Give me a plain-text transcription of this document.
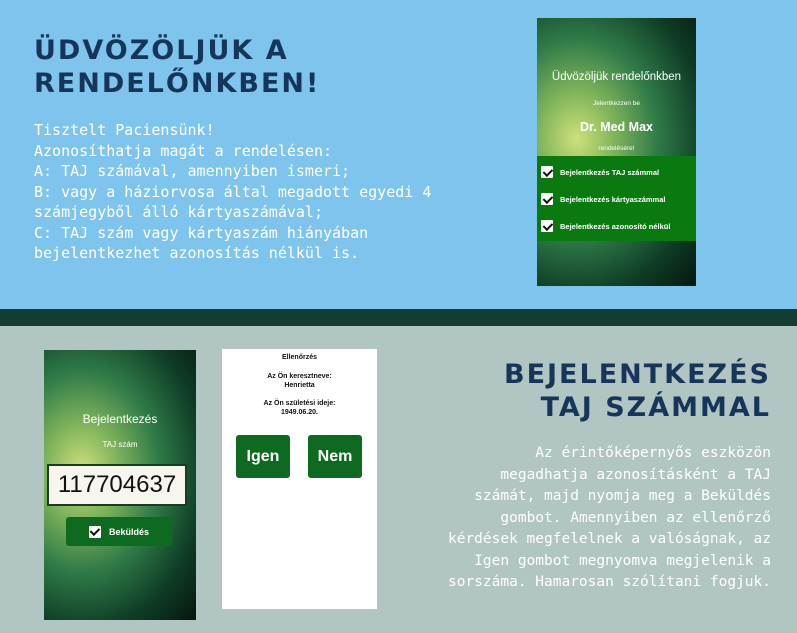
ÜDVÖZÖLJÜK A
RENDELŐNKBEN!
Tisztelt Paciensünk!
Azonosíthatja magát a rendelésen:
A: TAJ számával, amennyiben ismeri;
B: vagy a háziorvosa által megadott egyedi 4
számjegyből álló kártyaszámával;
C: TAJ szám vagy kártyaszám hiányában
bejelentkezhet azonosítás nélkül is.
Üdvözöljük rendelőnkben
Jelentkezzen be
Dr. Med Max
rendelésére!
Bejelentkezés TAJ számmal
Bejelentkezés kártyaszámmal
Bejelentkezés azonosító nélkül
Bejelentkezés
TAJ szám
117704637
Beküldés
Ellenőrzés
Az Ön keresztneve:
Henrietta
Az Ön születési ideje:
1949.06.20.
Igen	Nem
BEJELENTKEZÉS
TAJ SZÁMMAL
Az érintőképernyős eszközön
megadhatja azonosításként a TAJ
számát, majd nyomja meg a Beküldés
gombot. Amennyiben az ellenőrző
kérdések megfelelnek a valóságnak, az
Igen gombot megnyomva megjelenik a
sorszáma. Hamarosan szólítani fogjuk.
